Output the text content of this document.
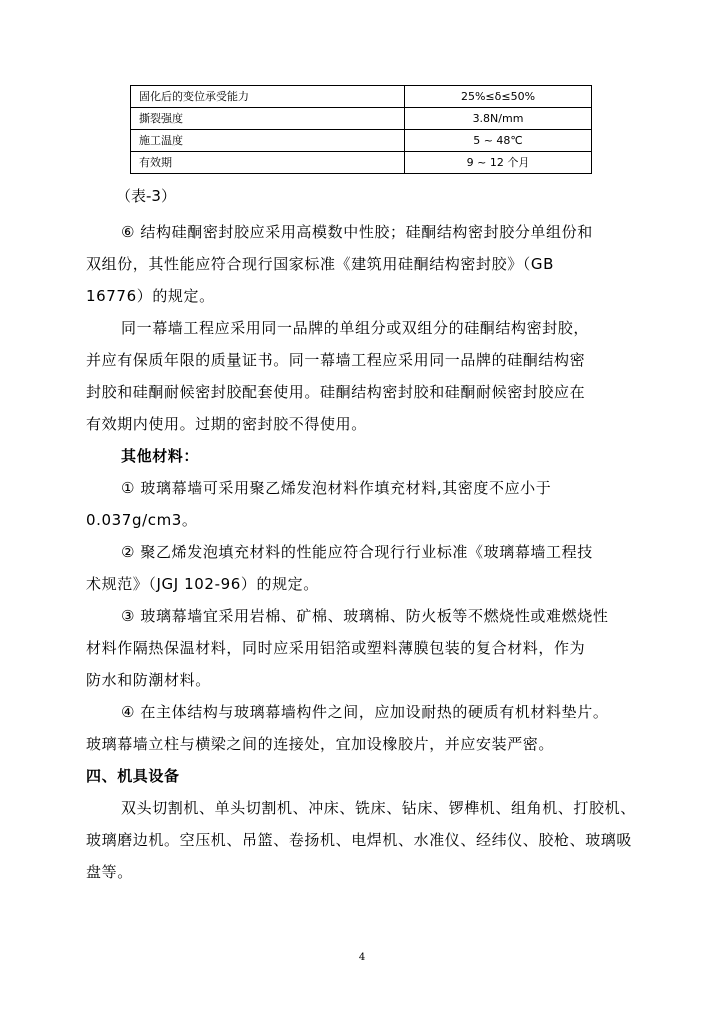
固化后的变位承受能力	25%≤δ≤50%
撕裂强度	3.8N/mm
施工温度	5 ~ 48℃
有效期	9 ~ 12 个月
（表-3）

⑥ 结构硅酮密封胶应采用高模数中性胶；硅酮结构密封胶分单组份和

双组份，其性能应符合现行国家标准《建筑用硅酮结构密封胶》（GB

16776）的规定。

同一幕墙工程应采用同一品牌的单组分或双组分的硅酮结构密封胶，

并应有保质年限的质量证书。同一幕墙工程应采用同一品牌的硅酮结构密

封胶和硅酮耐候密封胶配套使用。硅酮结构密封胶和硅酮耐候密封胶应在

有效期内使用。过期的密封胶不得使用。

其他材料：

① 玻璃幕墙可采用聚乙烯发泡材料作填充材料,其密度不应小于

0.037g/cm3。

② 聚乙烯发泡填充材料的性能应符合现行行业标准《玻璃幕墙工程技

术规范》（JGJ 102-96）的规定。

③ 玻璃幕墙宜采用岩棉、矿棉、玻璃棉、防火板等不燃烧性或难燃烧性

材料作隔热保温材料，同时应采用铝箔或塑料薄膜包装的复合材料，作为

防水和防潮材料。

④ 在主体结构与玻璃幕墙构件之间，应加设耐热的硬质有机材料垫片。

玻璃幕墙立柱与横梁之间的连接处，宜加设橡胶片，并应安装严密。

四、机具设备

双头切割机、单头切割机、冲床、铣床、钻床、锣榫机、组角机、打胶机、

玻璃磨边机。空压机、吊篮、卷扬机、电焊机、水准仪、经纬仪、胶枪、玻璃吸

盘等。

4
